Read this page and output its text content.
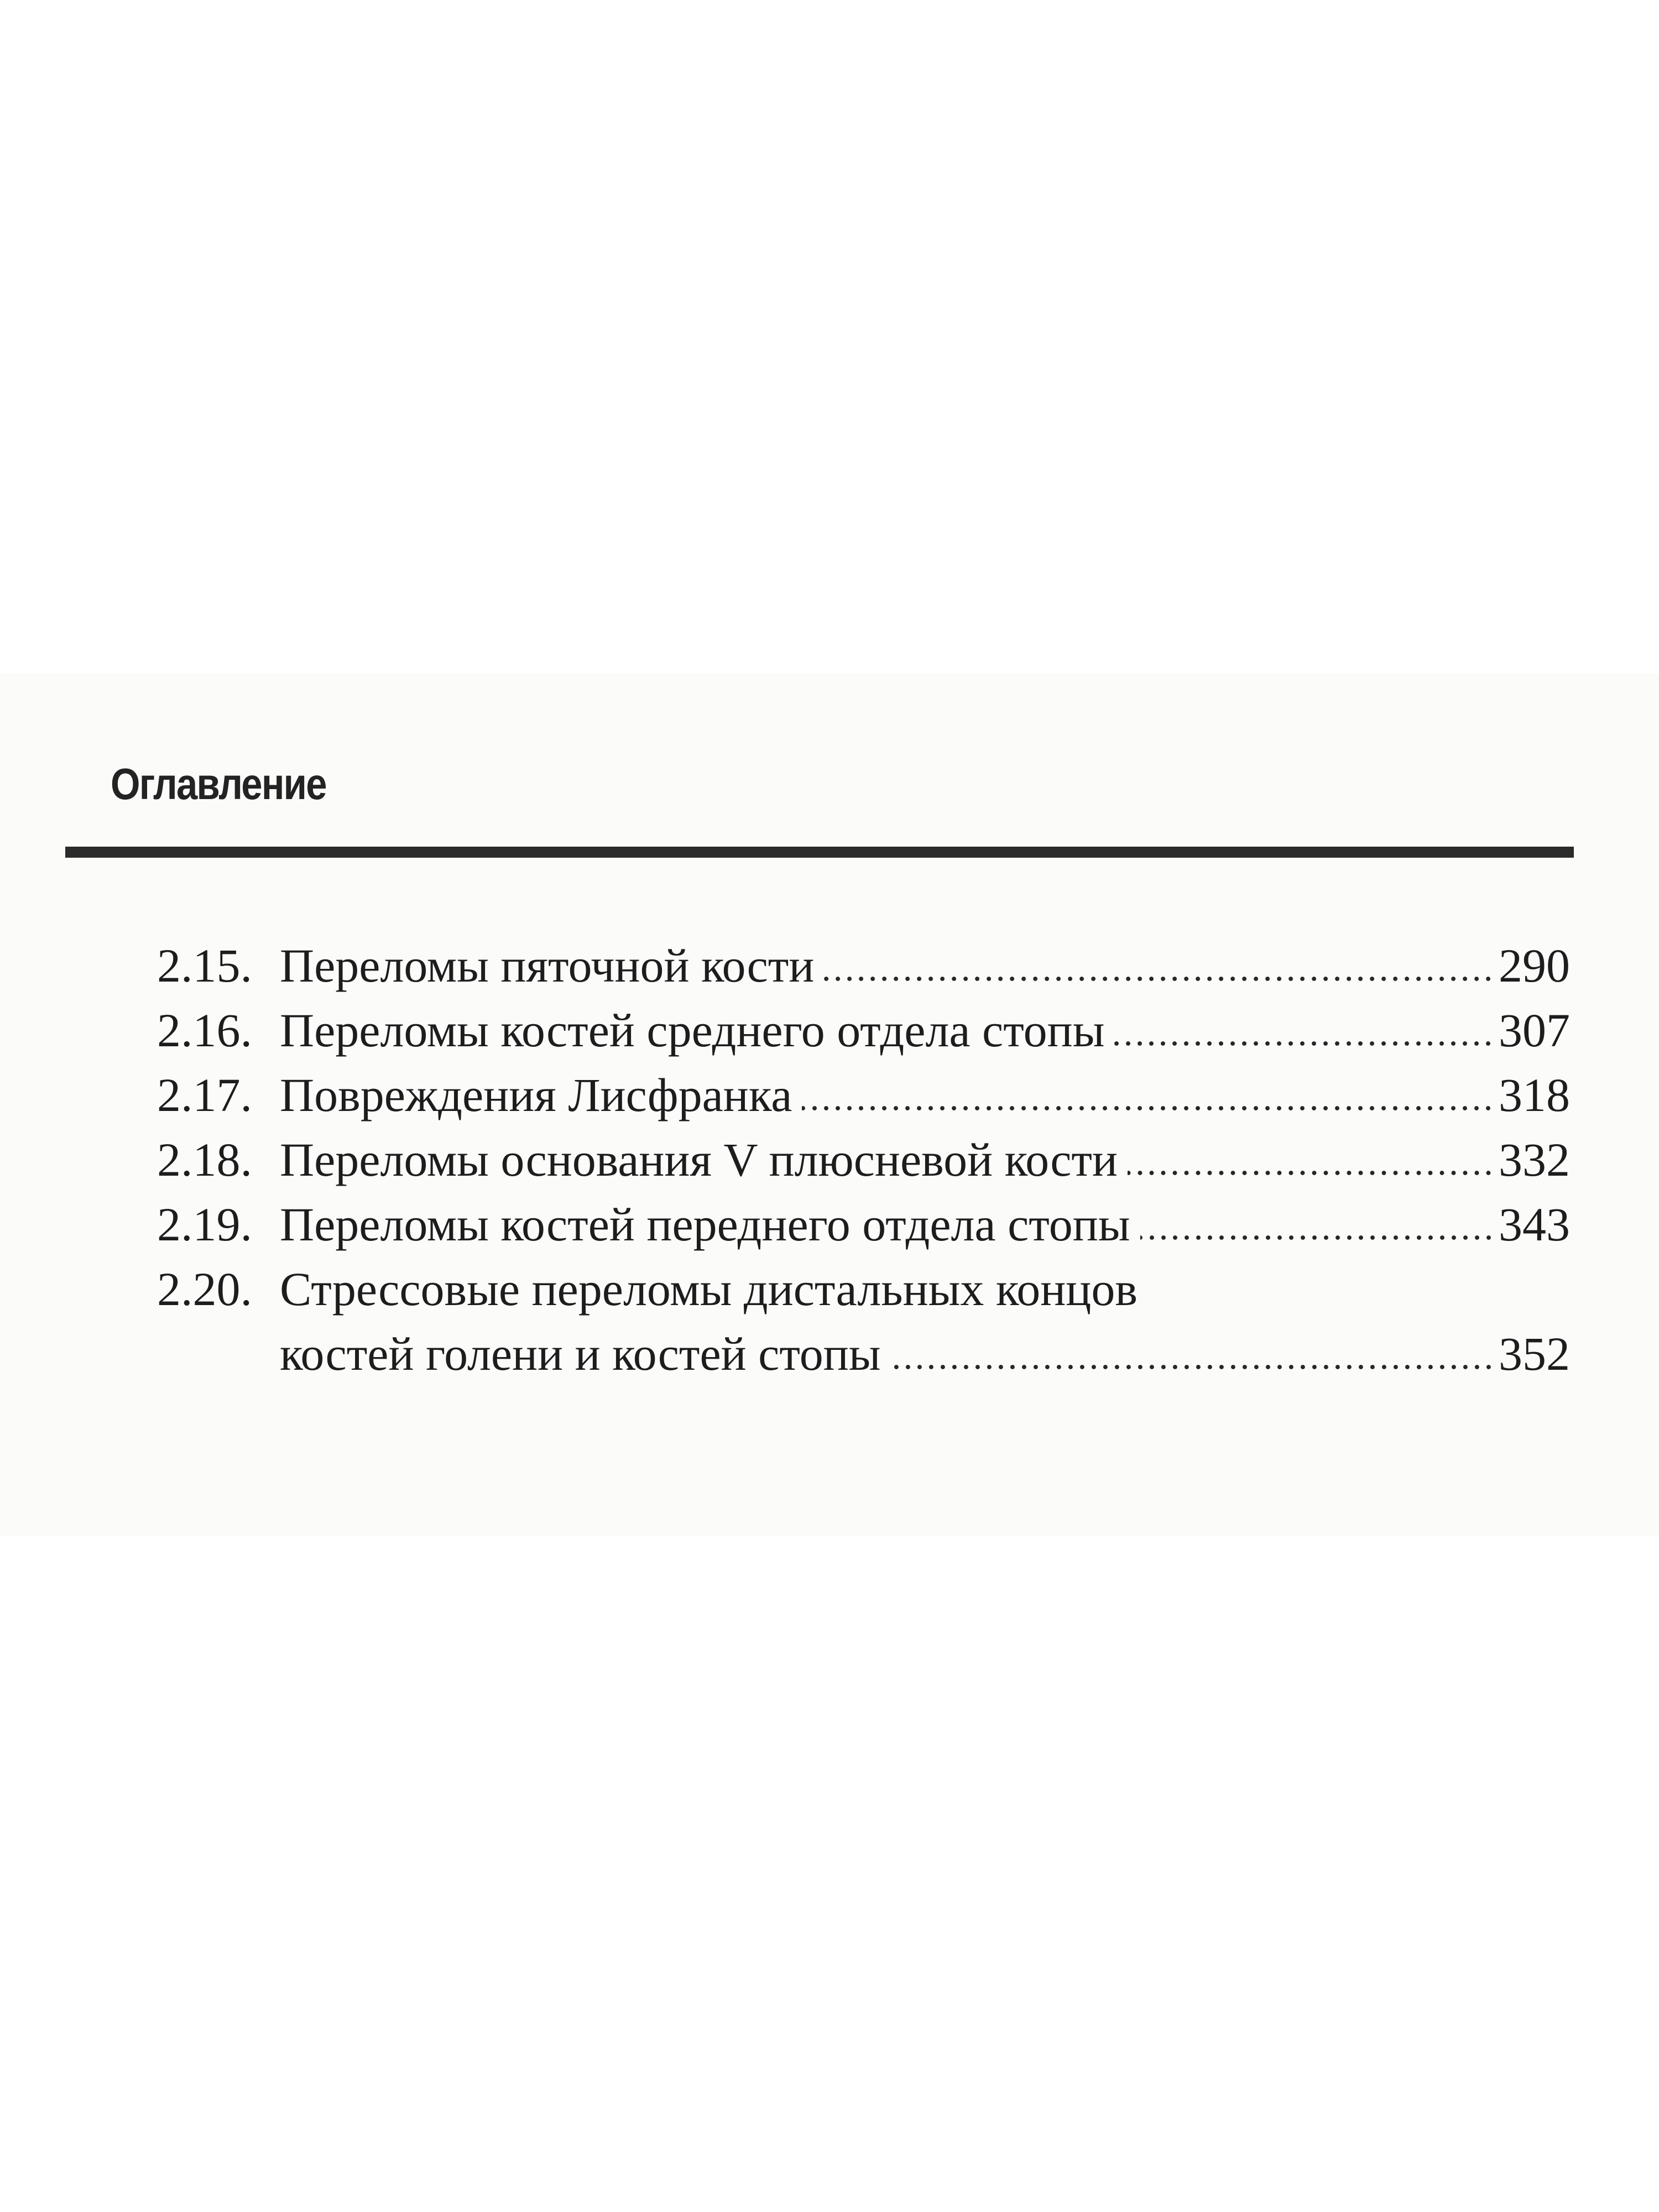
Оглавление
2.15. Переломы пяточной кости	290
2.16. Переломы костей среднего отдела стопы	307
2.17. Повреждения Лисфранка	318
2.18. Переломы основания V плюсневой кости	332
2.19. Переломы костей переднего отдела стопы	343
2.20. Стрессовые переломы дистальных концов
костей голени и костей стопы	352
